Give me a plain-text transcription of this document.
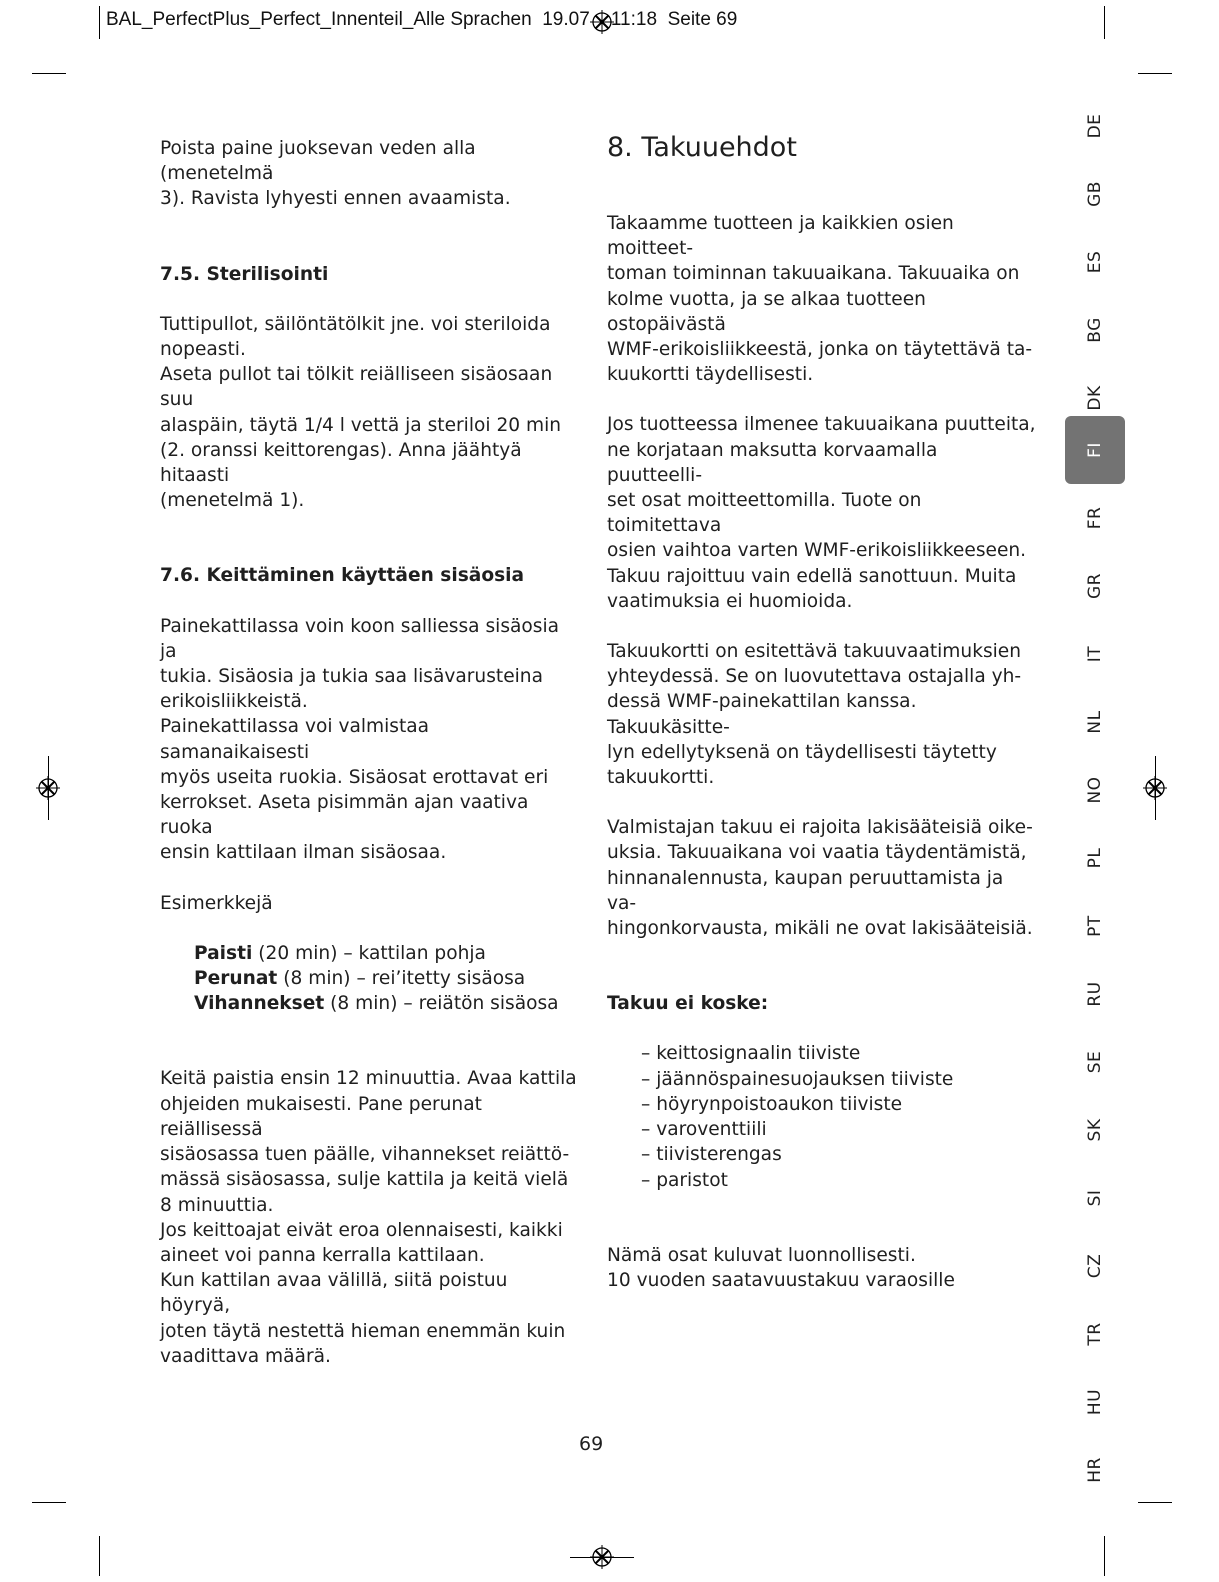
BAL_PerfectPlus_Perfect_Innenteil_Alle Sprachen  19.07  11:18  Seite 69

Poista paine juoksevan veden alla (menetelmä

3). Ravista lyhyesti ennen avaamista.

7.5. Sterilisointi

Tuttipullot, säilöntätölkit jne. voi steriloida

nopeasti.

Aseta pullot tai tölkit reiälliseen sisäosaan suu

alaspäin, täytä 1/4 l vettä ja steriloi 20 min

(2. oranssi keittorengas). Anna jäähtyä hitaasti

(menetelmä 1).

7.6. Keittäminen käyttäen sisäosia

Painekattilassa voin koon salliessa sisäosia ja

tukia. Sisäosia ja tukia saa lisävarusteina

erikoisliikkeistä.

Painekattilassa voi valmistaa samanaikaisesti

myös useita ruokia. Sisäosat erottavat eri

kerrokset. Aseta pisimmän ajan vaativa ruoka

ensin kattilaan ilman sisäosaa.

Esimerkkejä

Paisti (20 min) – kattilan pohja

Perunat (8 min) – rei’itetty sisäosa

Vihannekset (8 min) – reiätön sisäosa

Keitä paistia ensin 12 minuuttia. Avaa kattila

ohjeiden mukaisesti. Pane perunat reiällisessä

sisäosassa tuen päälle, vihannekset reiättö-

mässä sisäosassa, sulje kattila ja keitä vielä

8 minuuttia.

Jos keittoajat eivät eroa olennaisesti, kaikki

aineet voi panna kerralla kattilaan.

Kun kattilan avaa välillä, siitä poistuu höyryä,

joten täytä nestettä hieman enemmän kuin

vaadittava määrä.

8. Takuuehdot

Takaamme tuotteen ja kaikkien osien moitteet-

toman toiminnan takuuaikana. Takuuaika on

kolme vuotta, ja se alkaa tuotteen ostopäivästä

WMF-erikoisliikkeestä, jonka on täytettävä ta-

kuukortti täydellisesti.

Jos tuotteessa ilmenee takuuaikana puutteita,

ne korjataan maksutta korvaamalla puutteelli-

set osat moitteettomilla. Tuote on toimitettava

osien vaihtoa varten WMF-erikoisliikkeeseen.

Takuu rajoittuu vain edellä sanottuun. Muita

vaatimuksia ei huomioida.

Takuukortti on esitettävä takuuvaatimuksien

yhteydessä. Se on luovutettava ostajalla yh-

dessä WMF-painekattilan kanssa. Takuukäsitte-

lyn edellytyksenä on täydellisesti täytetty

takuukortti.

Valmistajan takuu ei rajoita lakisääteisiä oike-

uksia. Takuuaikana voi vaatia täydentämistä,

hinnanalennusta, kaupan peruuttamista ja va-

hingonkorvausta, mikäli ne ovat lakisääteisiä.

Takuu ei koske:

– keittosignaalin tiiviste

– jäännöspainesuojauksen tiiviste

– höyrynpoistoaukon tiiviste

– varoventtiili

– tiivisterengas

– paristot

Nämä osat kuluvat luonnollisesti.

10 vuoden saatavuustakuu varaosille

69
DE
GB
ES
BG
DK
FI
FR
GR
IT
NL
NO
PL
PT
RU
SE
SK
SI
CZ
TR
HU
HR
